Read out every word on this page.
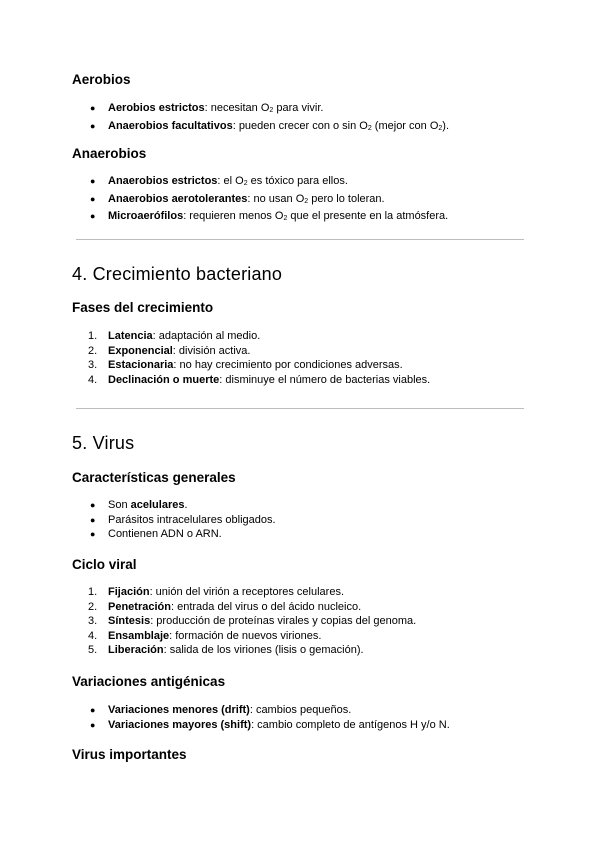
Aerobios
●	Aerobios estrictos: necesitan $O_2$ para vivir.
●	Anaerobios facultativos: pueden crecer con o $\sin O_2$ (mejor con $O_2$).
Anaerobios
●	Anaerobios estrictos: el $O_2$ es tóxico para ellos.
●	Anaerobios aerotolerantes: no usan $O_2$ pero lo toleran.
●	Microaerófilos: requieren menos $O_2$ que el presente en la atmósfera.
4. Crecimiento bacteriano
Fases del crecimiento
1. Latencia: adaptación al medio.
2. Exponencial: división activa.
3. Estacionaria: no hay crecimiento por condiciones adversas.
4. Declinación o muerte: disminuye el número de bacterias viables.
5. Virus
Características generales
●	Son acelulares.
●	Parásitos intracelulares obligados.
●	Contienen ADN o ARN.
Ciclo viral
1. Fijación: unión del virión a receptores celulares.
2. Penetración: entrada del virus o del ácido nucleico.
3. Síntesis: producción de proteínas virales y copias del genoma.
4. Ensamblaje: formación de nuevos viriones.
5. Liberación: salida de los viriones (lisis o gemación).
Variaciones antigénicas
●	Variaciones menores (drift): cambios pequeños.
●	Variaciones mayores (shift): cambio completo de antígenos H y/o N.
Virus importantes
